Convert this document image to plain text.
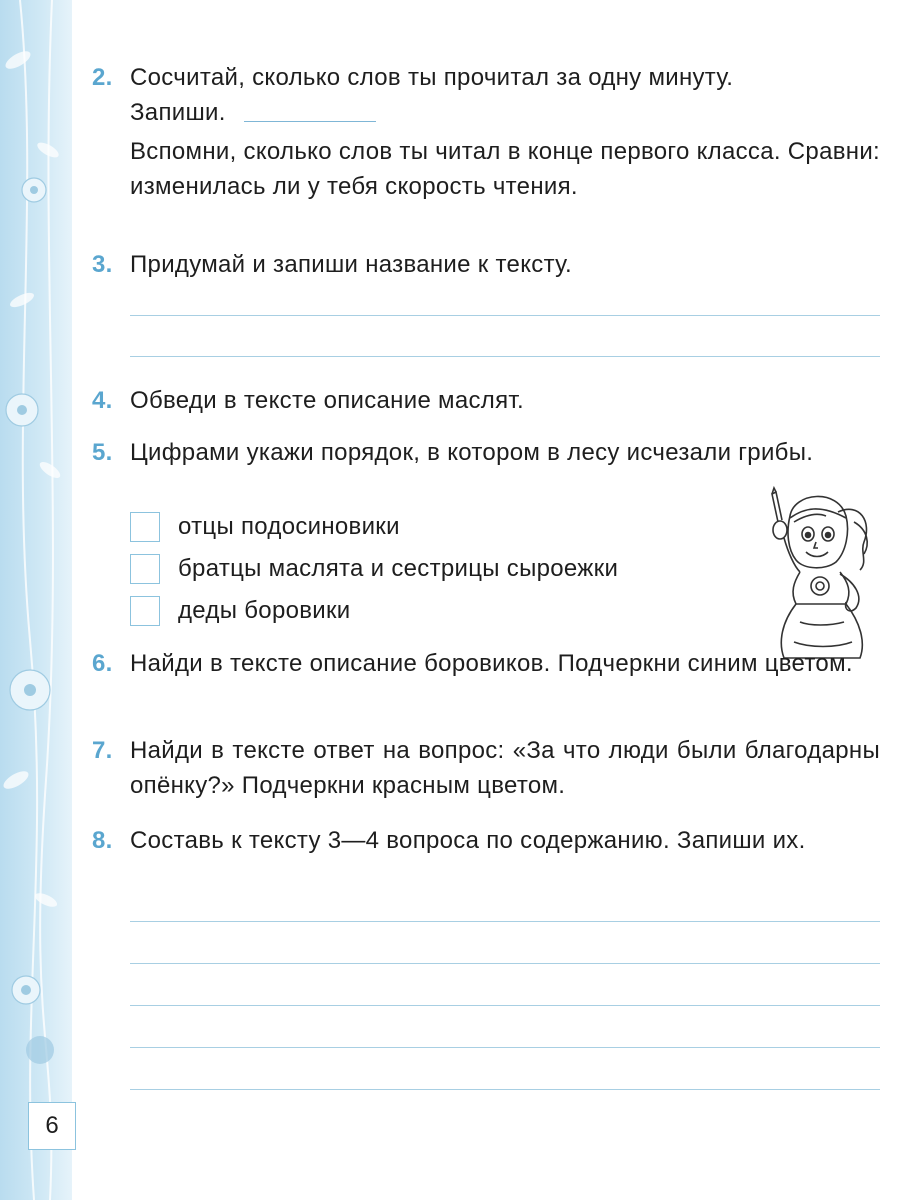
6
2. Сосчитай, сколько слов ты прочитал за одну минуту.

Запиши.

Вспомни, сколько слов ты читал в конце первого класса. Сравни: изменилась ли у тебя скорость чтения.

3. Придумай и запиши название к тексту.

4. Обведи в тексте описание маслят.

5. Цифрами укажи порядок, в котором в лесу исчезали грибы.

отцы подосиновики
братцы маслята и сестрицы сыроежки
деды боровики
6. Найди в тексте описание боровиков. Подчеркни синим цветом.

7. Найди в тексте ответ на вопрос: «За что люди были благодарны опёнку?» Подчеркни красным цветом.

8. Составь к тексту 3—4 вопроса по содержанию. Запиши их.
